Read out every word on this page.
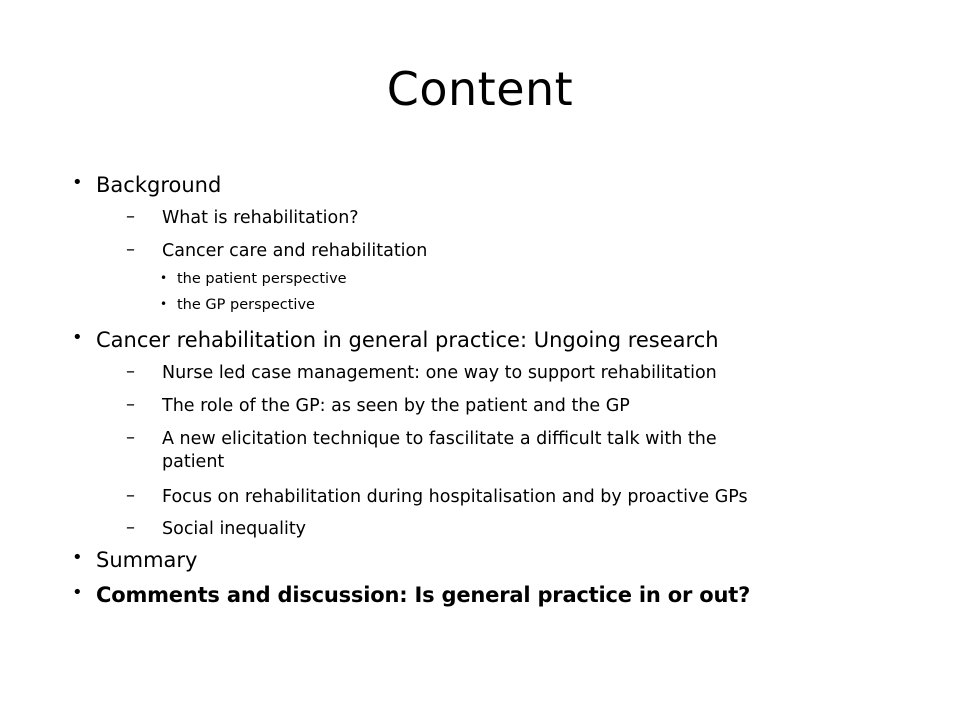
Content
• Background
– What is rehabilitation?
– Cancer care and rehabilitation
• the patient perspective
• the GP perspective
• Cancer rehabilitation in general practice: Ungoing research
– Nurse led case management: one way to support rehabilitation
– The role of the GP: as seen by the patient and the GP
– A new elicitation technique to fascilitate a difficult talk with the
patient
– Focus on rehabilitation during hospitalisation and by proactive GPs
– Social inequality
• Summary
• Comments and discussion: Is general practice in or out?
